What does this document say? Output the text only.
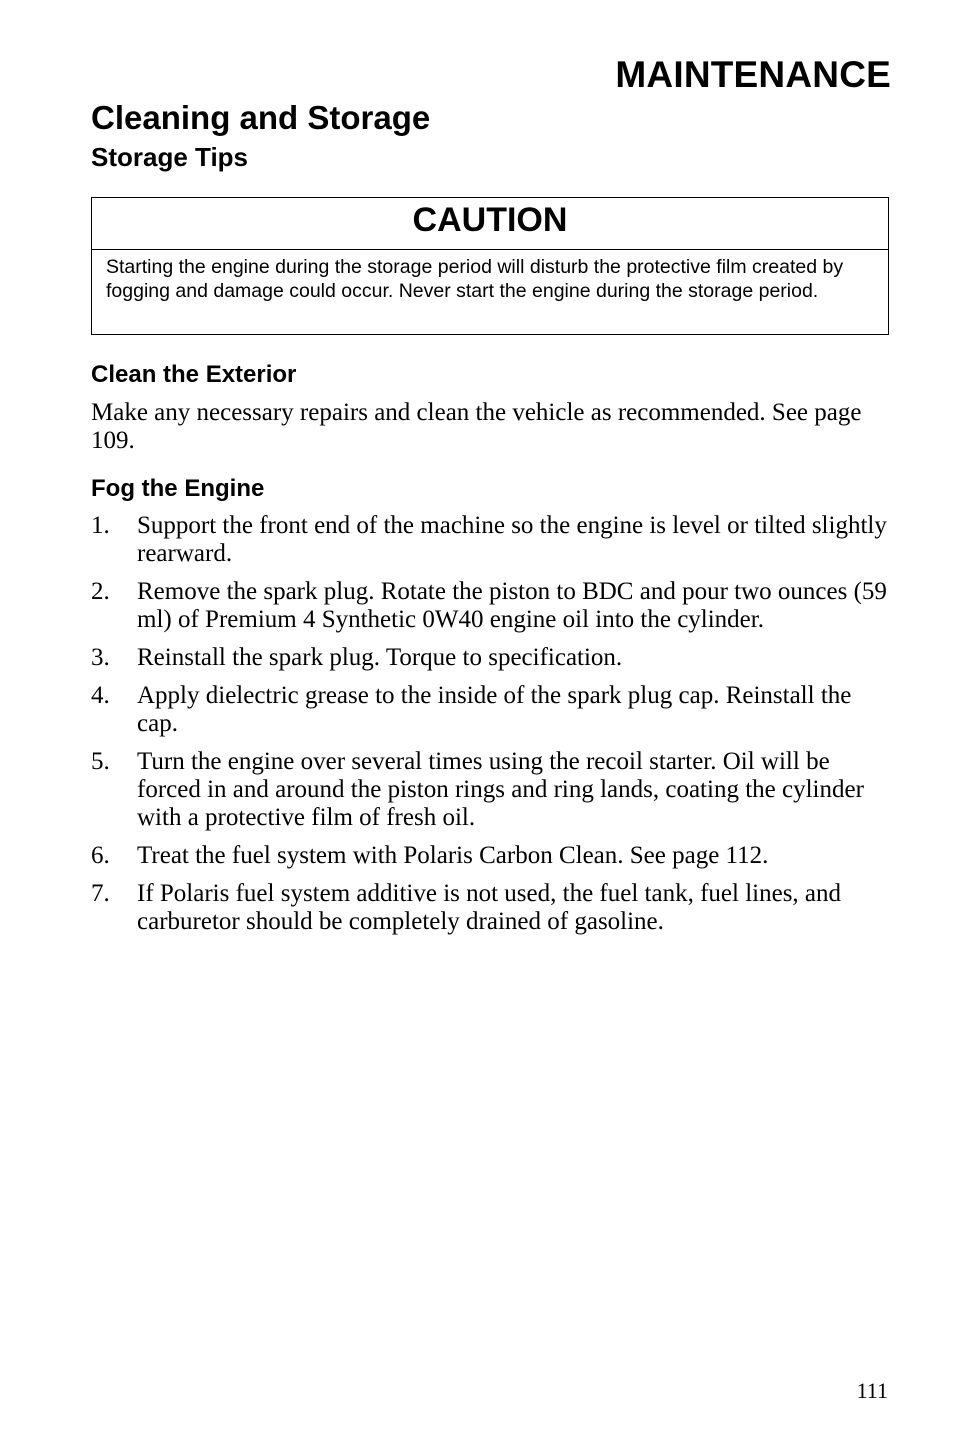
MAINTENANCE
Cleaning and Storage
Storage Tips
CAUTION
Starting the engine during the storage period will disturb the protective film created by fogging and damage could occur. Never start the engine during the storage period.
Clean the Exterior

Make any necessary repairs and clean the vehicle as recommended. See page 109.

Fog the Engine
1. Support the front end of the machine so the engine is level or tilted slightly rearward.
2. Remove the spark plug. Rotate the piston to BDC and pour two ounces (59 ml) of Premium 4 Synthetic 0W40 engine oil into the cylinder.
3. Reinstall the spark plug. Torque to specification.
4. Apply dielectric grease to the inside of the spark plug cap. Reinstall the cap.
5. Turn the engine over several times using the recoil starter. Oil will be forced in and around the piston rings and ring lands, coating the cylinder with a protective film of fresh oil.
6. Treat the fuel system with Polaris Carbon Clean. See page 112.
7. If Polaris fuel system additive is not used, the fuel tank, fuel lines, and carburetor should be completely drained of gasoline.
111
